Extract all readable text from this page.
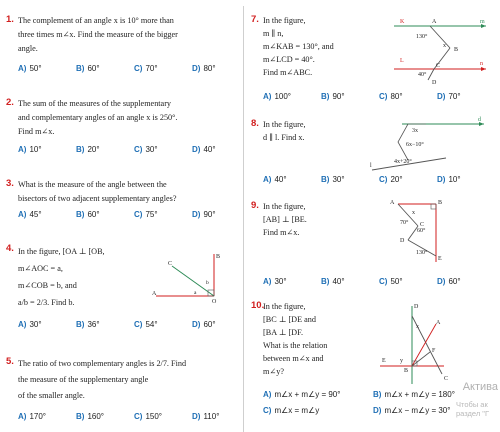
1. The complement of an angle x is 10° more than
three times m∠x. Find the measure of the bigger
angle.
A) 50°	B) 60°	C) 70°	D) 80°
2. The sum of the measures of the supplementary
and complementary angles of an angle x is 250°.
Find m∠x.
A) 10°	B) 20°	C) 30°	D) 40°
3. What is the measure of the angle between the
bisectors of two adjacent supplementary angles?
A) 45°	B) 60°	C) 75°	D) 90°
4. In the figure, [OA ⊥ [OB,
m∠AOC = a,
m∠COB = b, and
a/b = 2/3. Find b.
A) 30°	B) 36°	C) 54°	D) 60°
A
B
C
O
b
a
5. The ratio of two complementary angles is 2/7. Find
the measure of the supplementary angle
of the smaller angle.
A) 170°	B) 160°	C) 150°	D) 110°
7. In the figure,
m ∥ n,
m∠KAB = 130°, and
m∠LCD = 40°.
Find m∠ABC.
A) 100°	B) 90°	C) 80°	D) 70°
K	A	m
130°
x
B
L
40°
C	n
D
8. In the figure,
d ∥ l. Find x.
A) 40°	B) 30°	C) 20°	D) 10°
3x
d
6x−10°
4x+20°
l
9. In the figure,
[AB] ⊥ [BE.
Find m∠x.
A) 30°	B) 40°	C) 50°	D) 60°
A	B
x
70°
60°
C
D
130°
E
10.
In the figure,
[BC ⊥ [DE and
[BA ⊥ [DF.
What is the relation
between m∠x and
m∠y?
A) m∠x + m∠y = 90°	B) m∠x + m∠y = 180°
C) m∠x = m∠y	D) m∠x − m∠y = 30°
D
x
A
F
E y
B
C
Актива
Чтобы ак
раздел "Г
